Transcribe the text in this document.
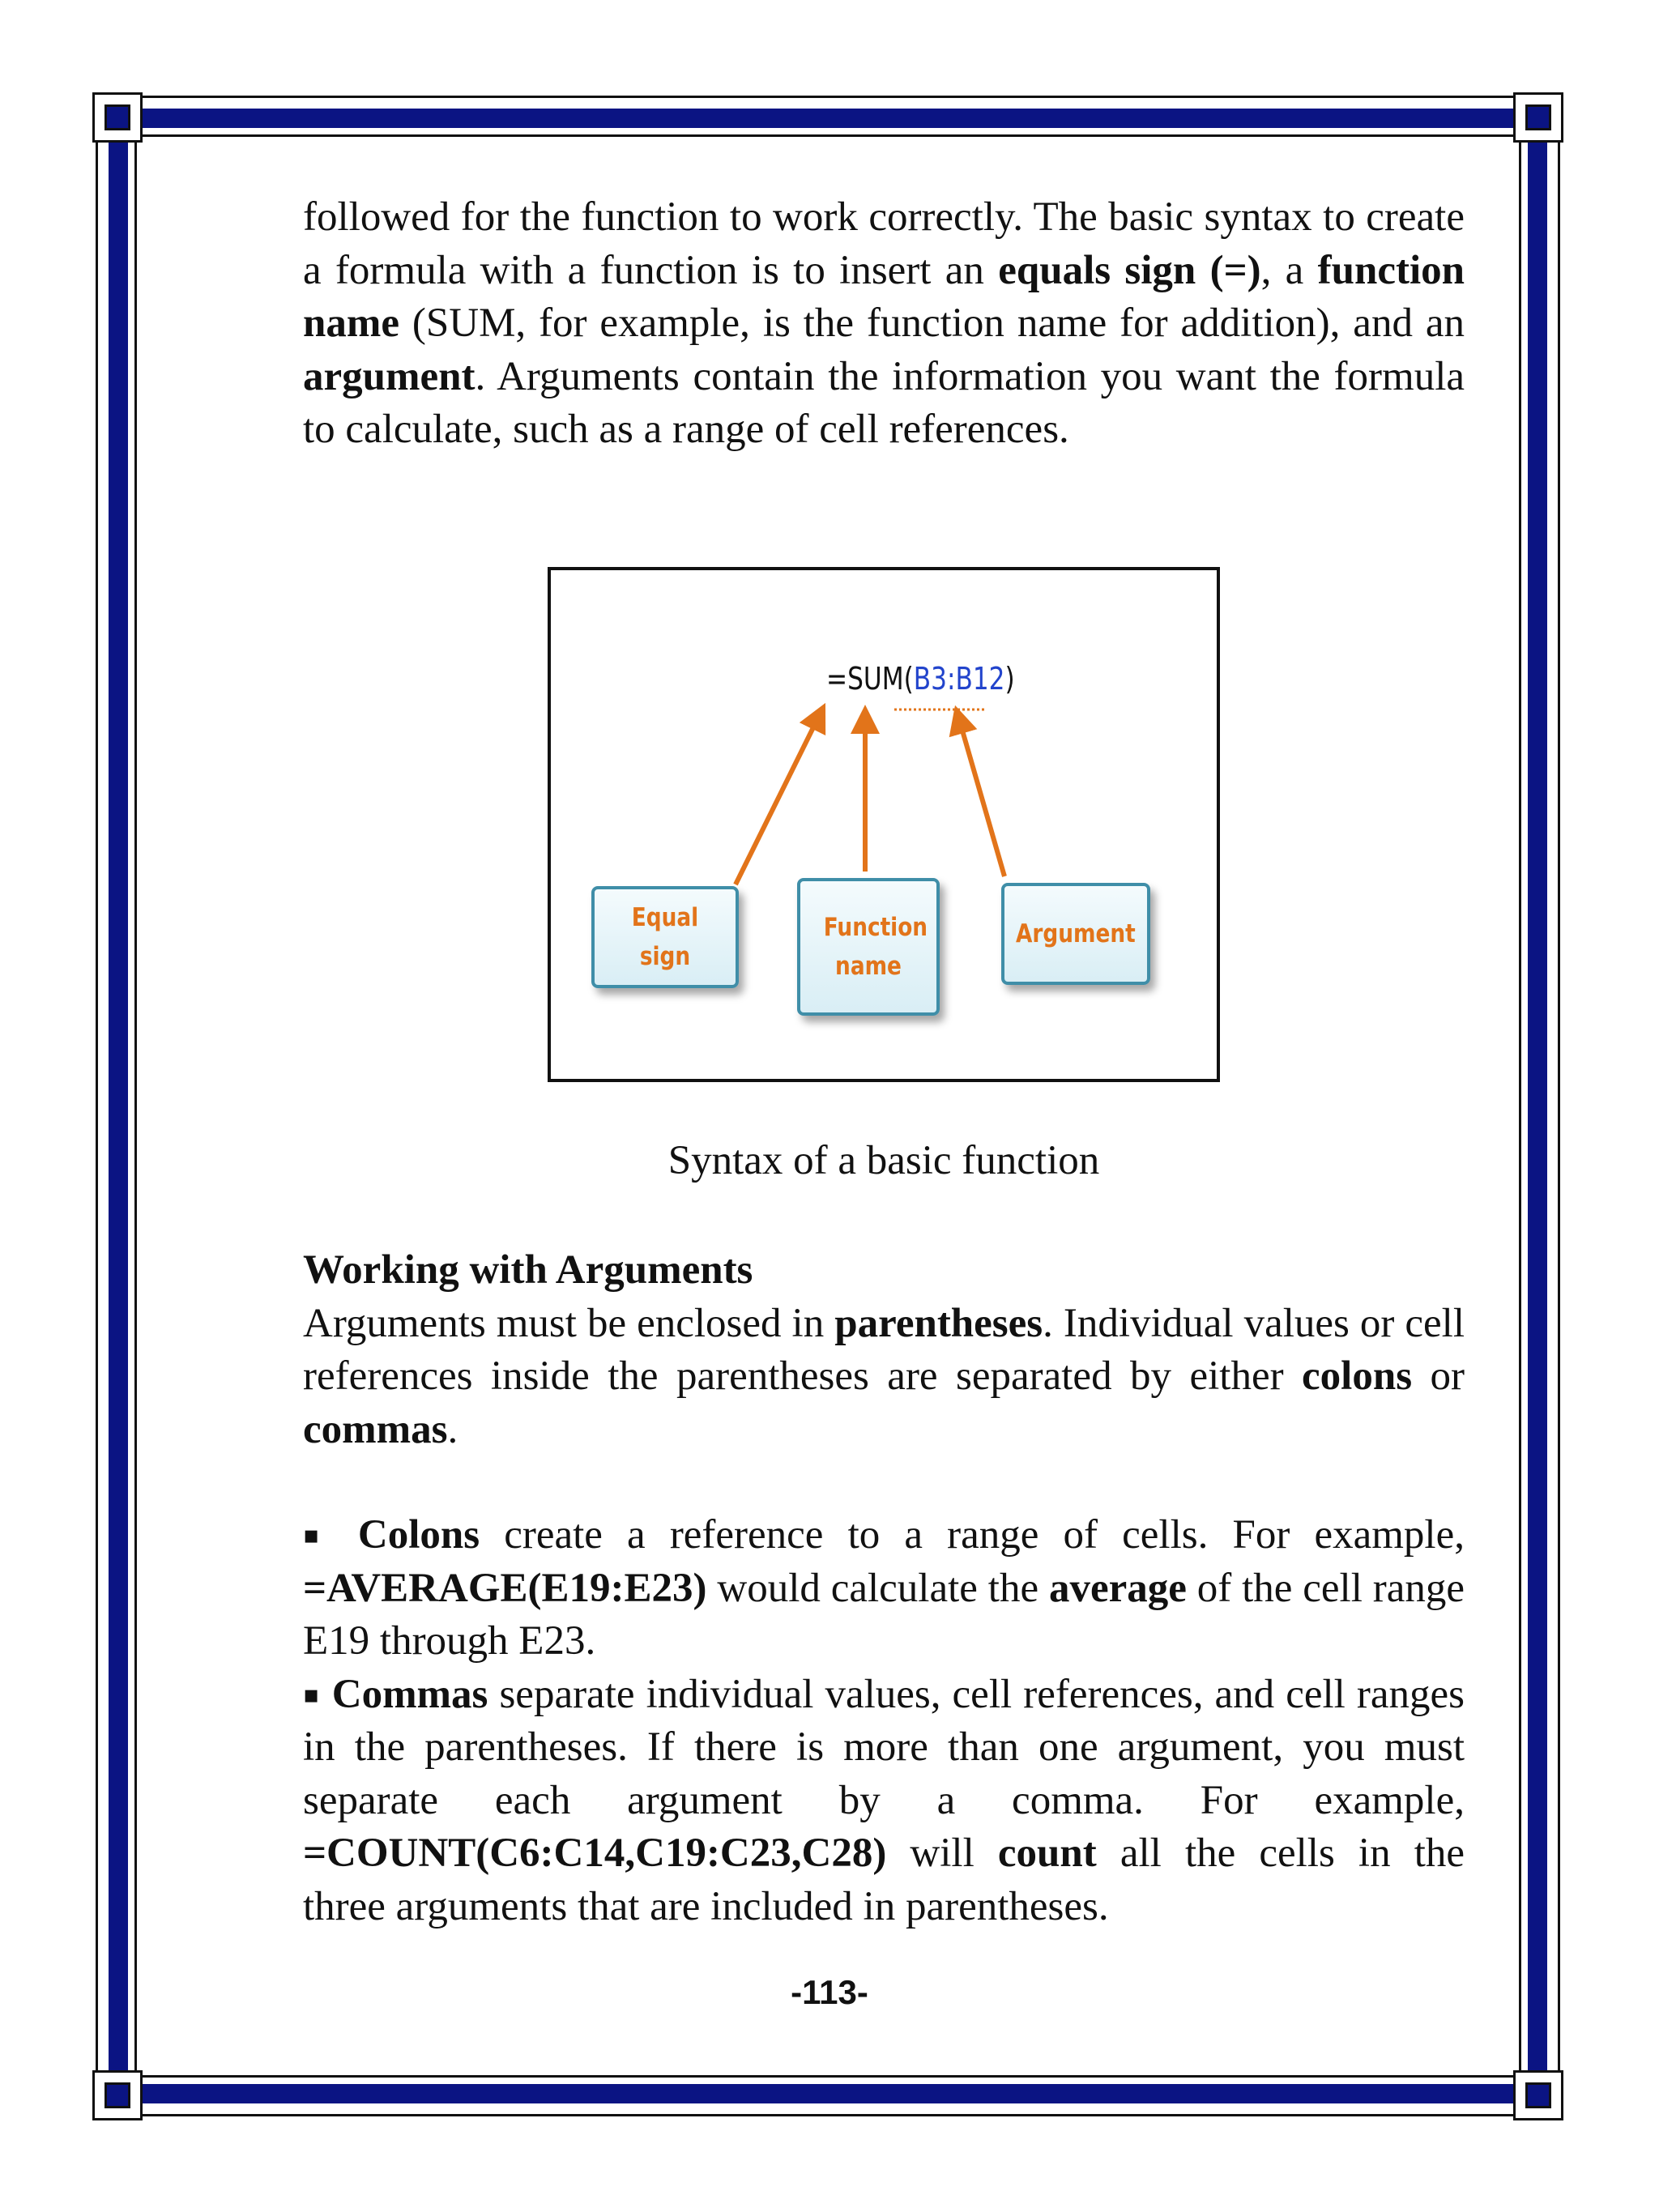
followed for the function to work correctly. The basic syntax to create a formula with a function is to insert an equals sign (=), a function name (SUM, for example, is the function name for addition), and an argument. Arguments contain the information you want the formula to calculate, such as a range of cell references.

=SUM(B3:B12)
Equal sign
Function name
Argument
Syntax of a basic function

Working with Arguments

Arguments must be enclosed in parentheses. Individual values or cell references inside the parentheses are separated by either colons or commas.

▪ Colons create a reference to a range of cells. For example, =AVERAGE(E19:E23) would calculate the average of the cell range E19 through E23.

▪ Commas separate individual values, cell references, and cell ranges in the parentheses. If there is more than one argument, you must separate each argument by a comma. For example, =COUNT(C6:C14,C19:C23,C28) will count all the cells in the three arguments that are included in parentheses.

-113-
